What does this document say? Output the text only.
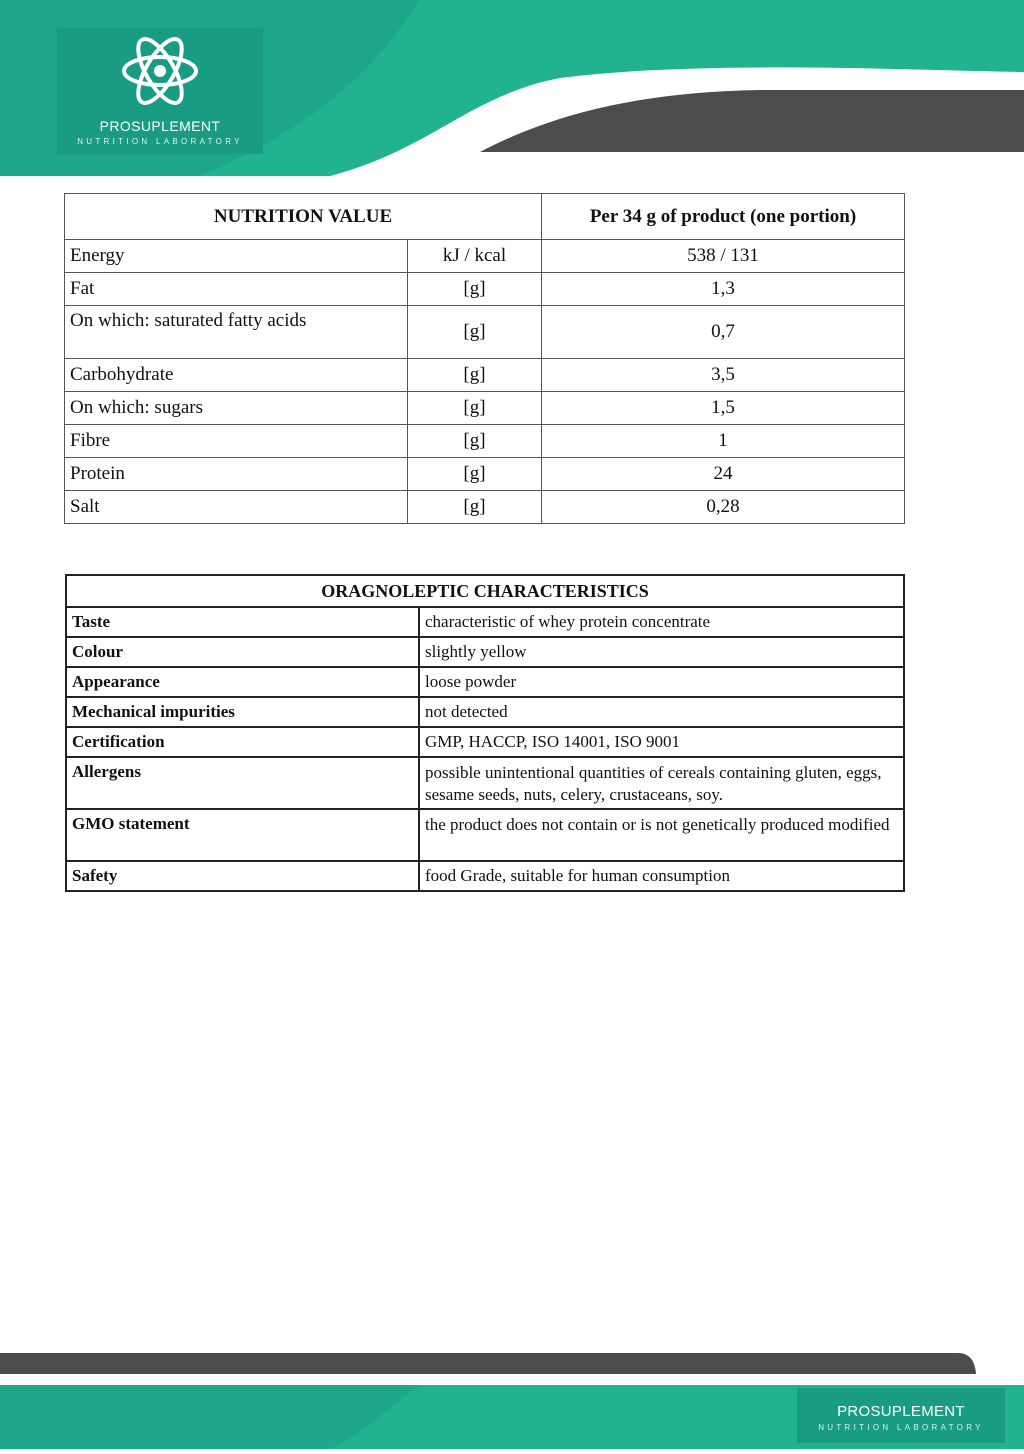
PROSUPLEMENT
NUTRITION LABORATORY
NUTRITION VALUE		Per 34 g of product (one portion)
Energy	kJ / kcal	538 / 131
Fat	[g]	1,3
On which: saturated fatty acids	[g]	0,7
Carbohydrate	[g]	3,5
On which: sugars	[g]	1,5
Fibre	[g]	1
Protein	[g]	24
Salt	[g]	0,28
ORAGNOLEPTIC CHARACTERISTICS	
Taste	characteristic of whey protein concentrate
Colour	slightly yellow
Appearance	loose powder
Mechanical impurities	not detected
Certification	GMP, HACCP, ISO 14001, ISO 9001
Allergens	possible unintentional quantities of cereals containing gluten, eggs, sesame seeds, nuts, celery, crustaceans, soy.
GMO statement	the product does not contain or is not genetically produced modified
Safety	food Grade, suitable for human consumption
PROSUPLEMENT
NUTRITION LABORATORY
